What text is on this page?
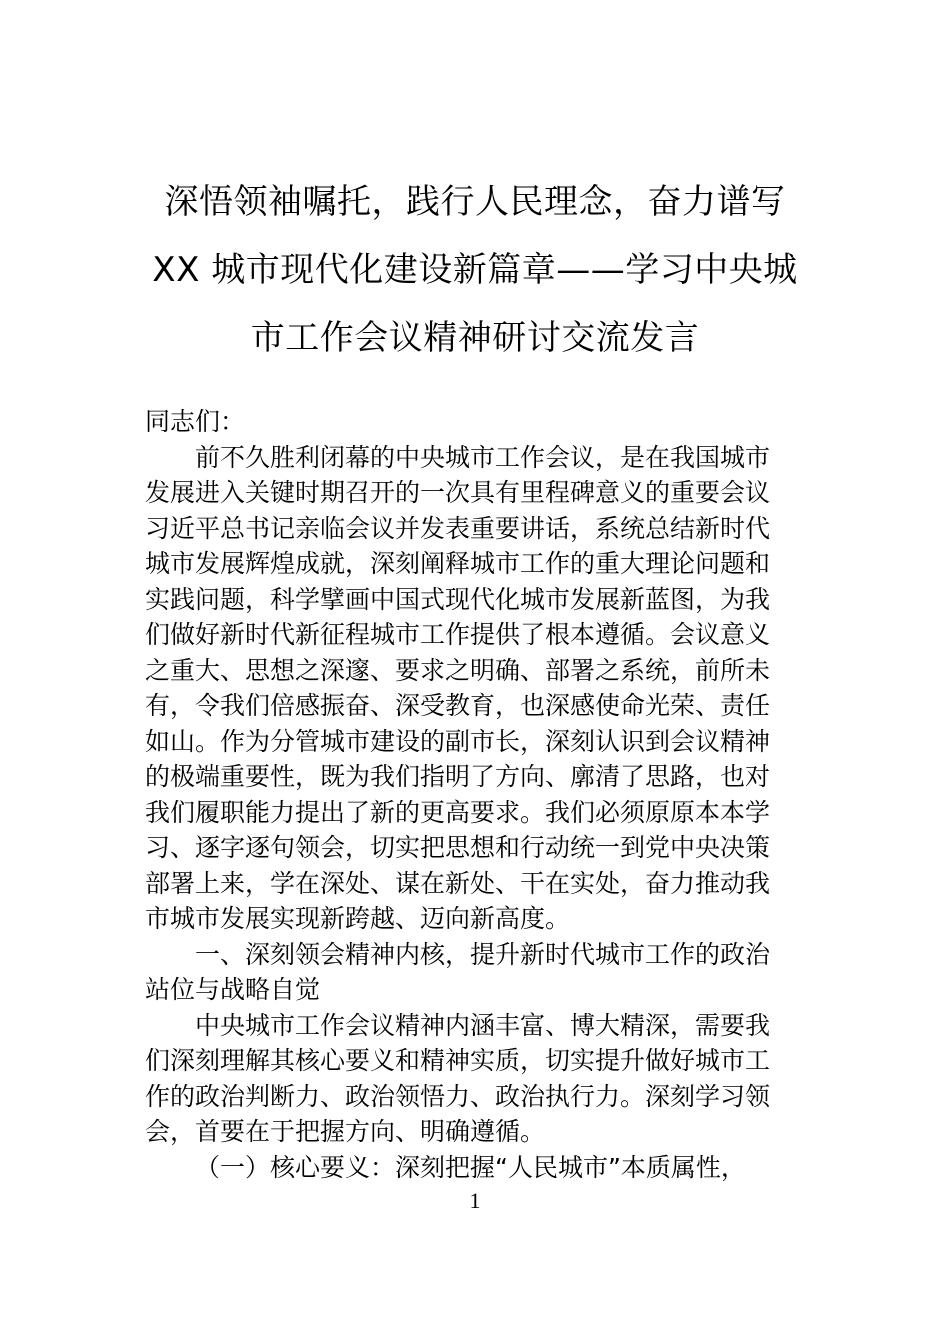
深悟领袖嘱托，践行人民理念，奋力谱写
XX 城市现代化建设新篇章——学习中央城
市工作会议精神研讨交流发言
同志们：
前不久胜利闭幕的中央城市工作会议，是在我国城市
发展进入关键时期召开的一次具有里程碑意义的重要会议
习近平总书记亲临会议并发表重要讲话，系统总结新时代
城市发展辉煌成就，深刻阐释城市工作的重大理论问题和
实践问题，科学擘画中国式现代化城市发展新蓝图，为我
们做好新时代新征程城市工作提供了根本遵循。会议意义
之重大、思想之深邃、要求之明确、部署之系统，前所未
有，令我们倍感振奋、深受教育，也深感使命光荣、责任
如山。作为分管城市建设的副市长，深刻认识到会议精神
的极端重要性，既为我们指明了方向、廓清了思路，也对
我们履职能力提出了新的更高要求。我们必须原原本本学
习、逐字逐句领会，切实把思想和行动统一到党中央决策
部署上来，学在深处、谋在新处、干在实处，奋力推动我
市城市发展实现新跨越、迈向新高度。
一、深刻领会精神内核，提升新时代城市工作的政治
站位与战略自觉
中央城市工作会议精神内涵丰富、博大精深，需要我
们深刻理解其核心要义和精神实质，切实提升做好城市工
作的政治判断力、政治领悟力、政治执行力。深刻学习领
会，首要在于把握方向、明确遵循。
（一）核心要义：深刻把握“人民城市”本质属性，
1
